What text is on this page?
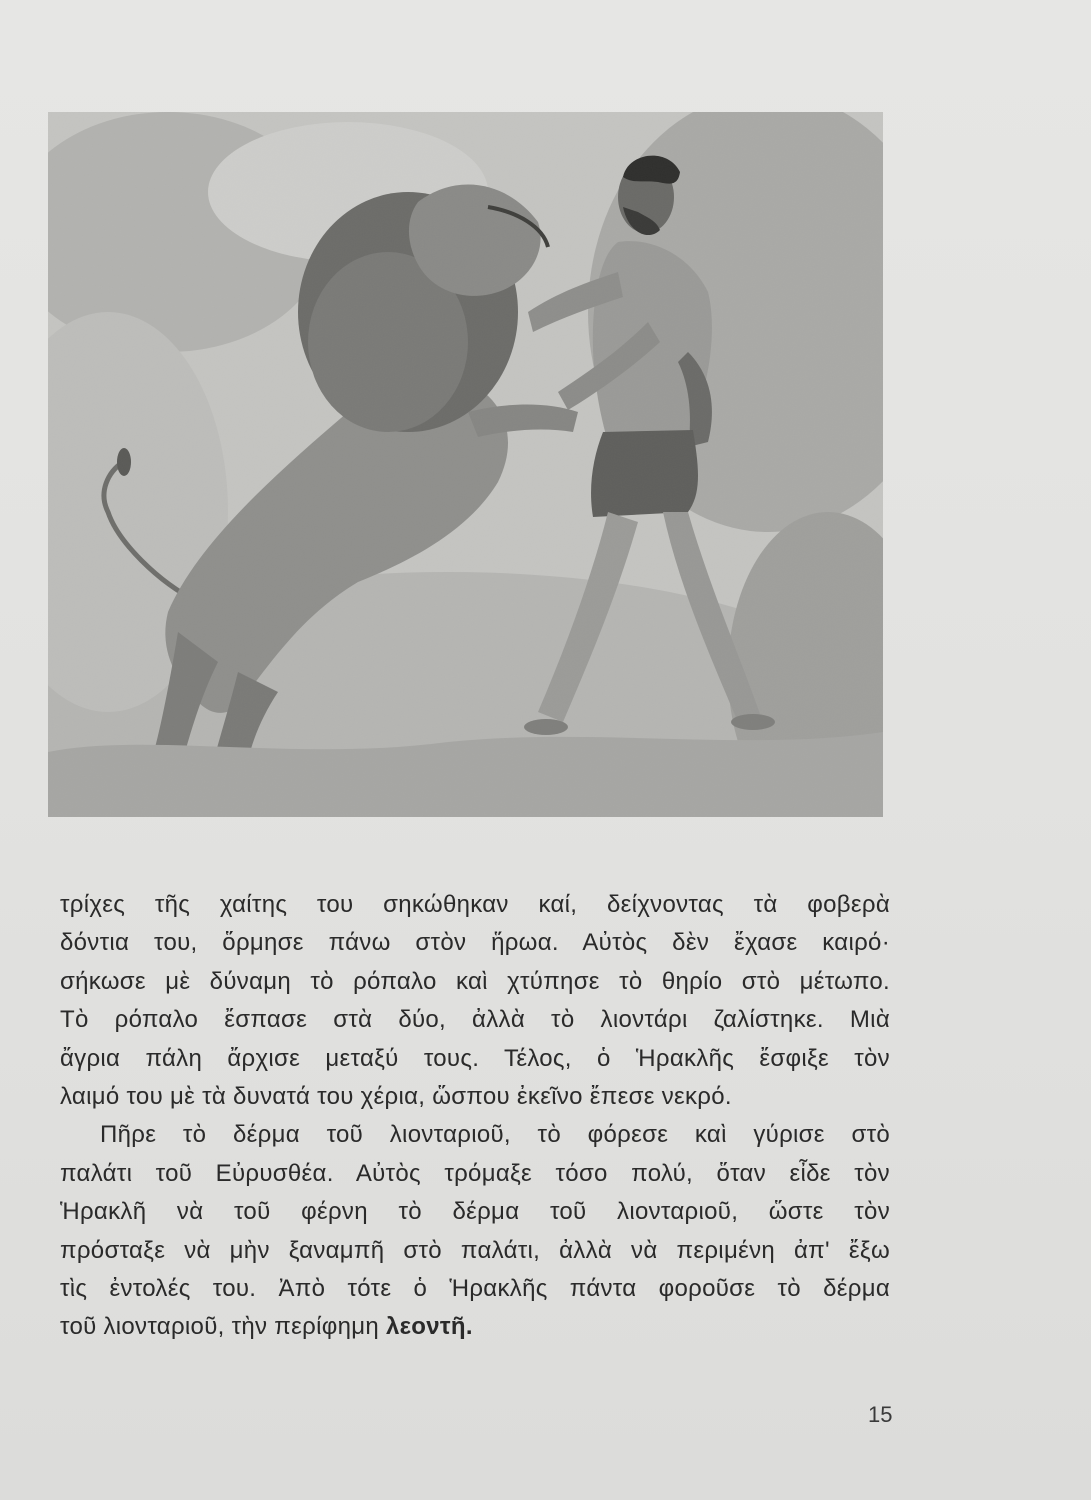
τρίχες τῆς χαίτης του σηκώθηκαν καί, δείχνοντας τὰ φοβερὰ
δόντια του, ὅρμησε πάνω στὸν ἥρωα. Αὐτὸς δὲν ἔχασε καιρό·
σήκωσε μὲ δύναμη τὸ ρόπαλο καὶ χτύπησε τὸ θηρίο στὸ μέτωπο.
Τὸ ρόπαλο ἔσπασε στὰ δύο, ἀλλὰ τὸ λιοντάρι ζαλίστηκε. Μιὰ
ἄγρια πάλη ἄρχισε μεταξύ τους. Τέλος, ὁ Ἡρακλῆς ἔσφιξε τὸν
λαιμό του μὲ τὰ δυνατά του χέρια, ὥσπου ἐκεῖνο ἔπεσε νεκρό.
Πῆρε τὸ δέρμα τοῦ λιονταριοῦ, τὸ φόρεσε καὶ γύρισε στὸ
παλάτι τοῦ Εὐρυσθέα. Αὐτὸς τρόμαξε τόσο πολύ, ὅταν εἶδε τὸν
Ἡρακλῆ νὰ τοῦ φέρνη τὸ δέρμα τοῦ λιονταριοῦ, ὥστε τὸν
πρόσταξε νὰ μὴν ξαναμπῆ στὸ παλάτι, ἀλλὰ νὰ περιμένη ἀπ' ἔξω
τὶς ἐντολές του. Ἀπὸ τότε ὁ Ἡρακλῆς πάντα φοροῦσε τὸ δέρμα
τοῦ λιονταριοῦ, τὴν περίφημη λεοντῆ.
15
